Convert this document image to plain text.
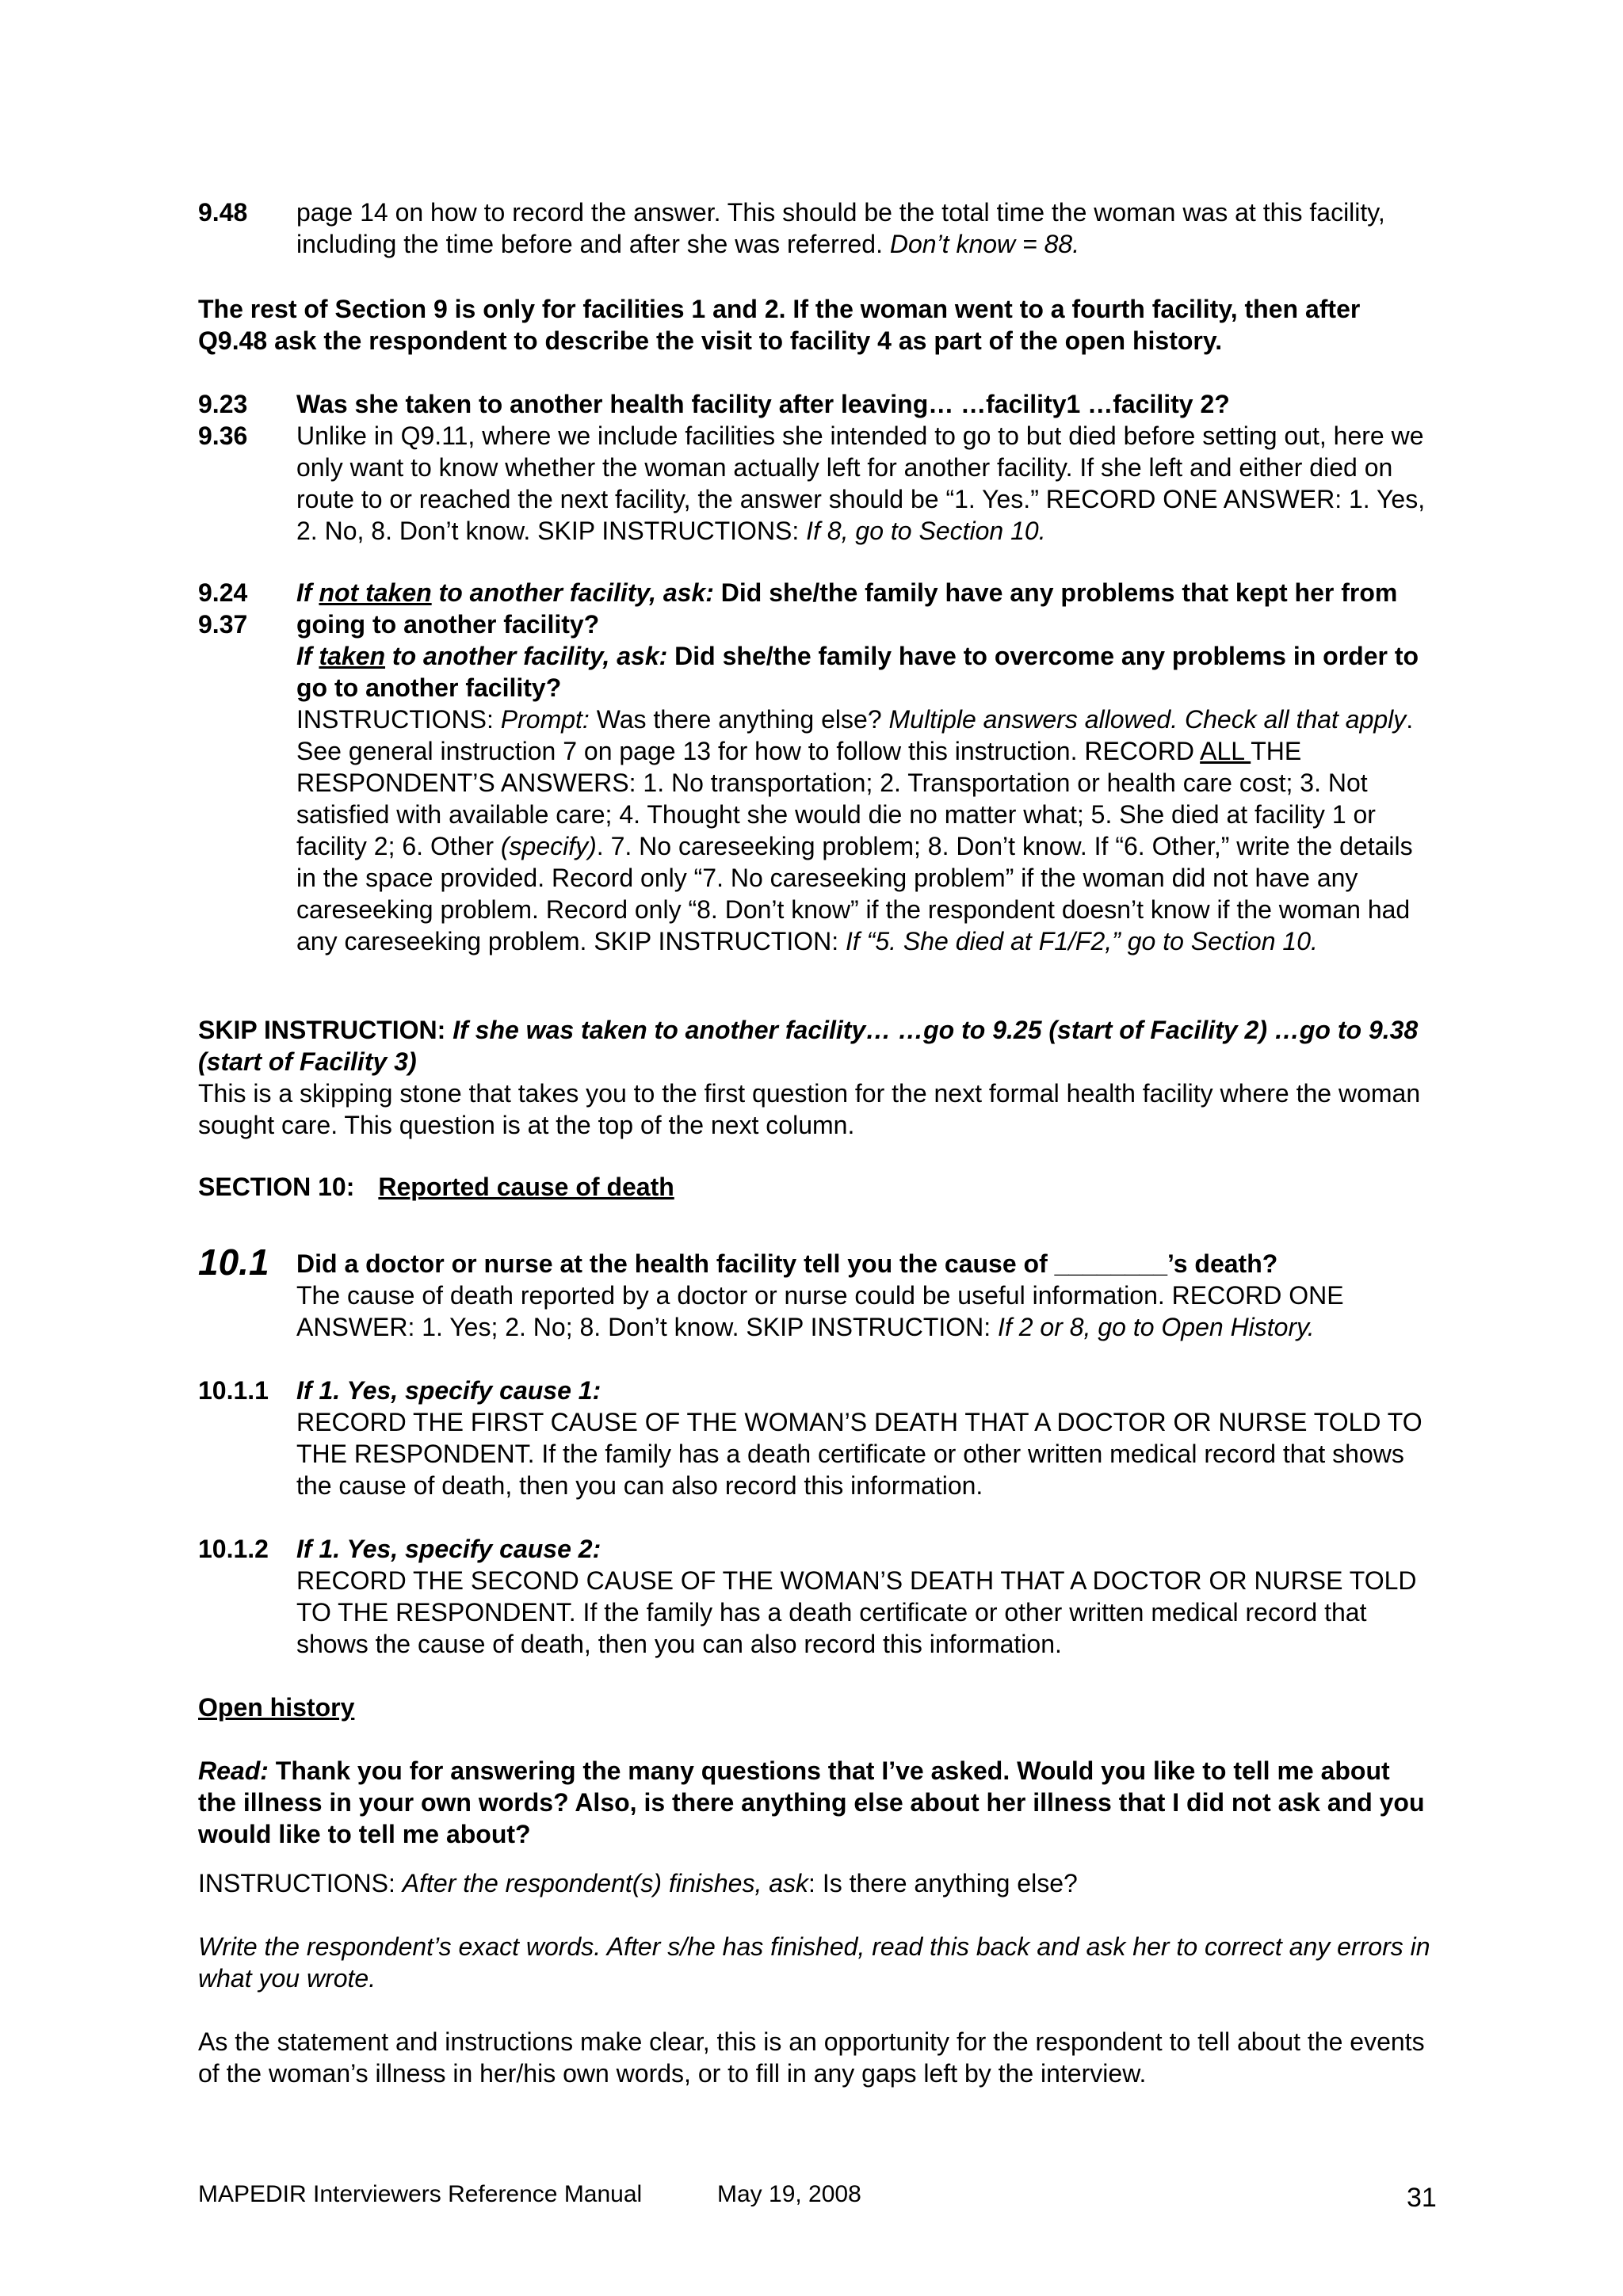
9.48 page 14 on how to record the answer. This should be the total time the woman was at this facility, including the time before and after she was referred. Don’t know = 88.
The rest of Section 9 is only for facilities 1 and 2. If the woman went to a fourth facility, then after Q9.48 ask the respondent to describe the visit to facility 4 as part of the open history.
9.23
9.36
Was she taken to another health facility after leaving… …facility1 …facility 2?
Unlike in Q9.11, where we include facilities she intended to go to but died before setting out, here we only want to know whether the woman actually left for another facility. If she left and either died on route to or reached the next facility, the answer should be “1. Yes.” RECORD ONE ANSWER: 1. Yes, 2. No, 8. Don’t know. SKIP INSTRUCTIONS: If 8, go to Section 10.
9.24
9.37
If not taken to another facility, ask: Did she/the family have any problems that kept her from going to another facility?
If taken to another facility, ask: Did she/the family have to overcome any problems in order to go to another facility?
INSTRUCTIONS: Prompt: Was there anything else? Multiple answers allowed. Check all that apply. See general instruction 7 on page 13 for how to follow this instruction. RECORD ALL THE RESPONDENT’S ANSWERS: 1. No transportation; 2. Transportation or health care cost; 3. Not satisfied with available care; 4. Thought she would die no matter what; 5. She died at facility 1 or facility 2; 6. Other (specify). 7. No careseeking problem; 8. Don’t know. If “6. Other,” write the details in the space provided. Record only “7. No careseeking problem” if the woman did not have any careseeking problem. Record only “8. Don’t know” if the respondent doesn’t know if the woman had any careseeking problem. SKIP INSTRUCTION: If “5. She died at F1/F2,” go to Section 10.
SKIP INSTRUCTION: If she was taken to another facility… …go to 9.25 (start of Facility 2) …go to 9.38 (start of Facility 3)
This is a skipping stone that takes you to the first question for the next formal health facility where the woman sought care. This question is at the top of the next column.
SECTION 10: Reported cause of death
10.1 Did a doctor or nurse at the health facility tell you the cause of ________’s death?
The cause of death reported by a doctor or nurse could be useful information. RECORD ONE ANSWER: 1. Yes; 2. No; 8. Don’t know. SKIP INSTRUCTION: If 2 or 8, go to Open History.
10.1.1 If 1. Yes, specify cause 1:
RECORD THE FIRST CAUSE OF THE WOMAN’S DEATH THAT A DOCTOR OR NURSE TOLD TO THE RESPONDENT. If the family has a death certificate or other written medical record that shows the cause of death, then you can also record this information.
10.1.2 If 1. Yes, specify cause 2:
RECORD THE SECOND CAUSE OF THE WOMAN’S DEATH THAT A DOCTOR OR NURSE TOLD TO THE RESPONDENT. If the family has a death certificate or other written medical record that shows the cause of death, then you can also record this information.
Open history
Read: Thank you for answering the many questions that I’ve asked. Would you like to tell me about the illness in your own words? Also, is there anything else about her illness that I did not ask and you would like to tell me about?
INSTRUCTIONS: After the respondent(s) finishes, ask: Is there anything else?
Write the respondent’s exact words. After s/he has finished, read this back and ask her to correct any errors in what you wrote.
As the statement and instructions make clear, this is an opportunity for the respondent to tell about the events of the woman’s illness in her/his own words, or to fill in any gaps left by the interview.
MAPEDIR Interviewers Reference Manual	May 19, 2008	31
